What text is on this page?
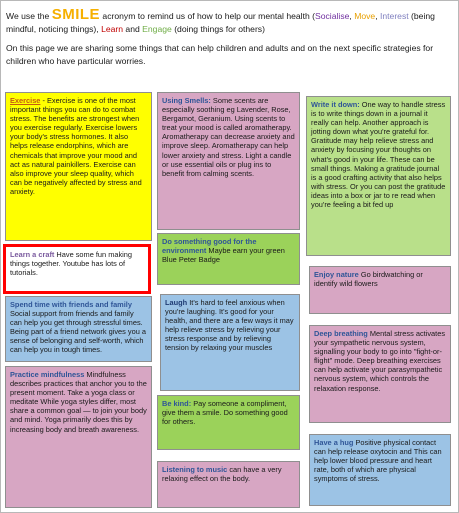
We use the SMILE acronym to remind us of how to help our mental health (Socialise, Move, Interest (being mindful, noticing things), Learn and Engage (doing things for others)

On this page we are sharing some things that can help children and adults and on the next specific strategies for children who have particular worries.

Exercise - Exercise is one of the most important things you can do to combat stress. The benefits are strongest when you exercise regularly. Exercise lowers your body's stress hormones. It also helps release endorphins, which are chemicals that improve your mood and act as natural painkillers. Exercise can also improve your sleep quality, which can be negatively affected by stress and anxiety.
Learn a craft Have some fun making things together. Youtube has lots of tutorials.
Spend time with friends and family Social support from friends and family can help you get through stressful times. Being part of a friend network gives you a sense of belonging and self-worth, which can help you in tough times.
Practice mindfulness Mindfulness describes practices that anchor you to the present moment. Take a yoga class or meditate While yoga styles differ, most share a common goal — to join your body and mind. Yoga primarily does this by increasing body and breath awareness.
Using Smells: Some scents are especially soothing eg Lavender, Rose, Bergamot, Geranium. Using scents to treat your mood is called aromatherapy. Aromatherapy can decrease anxiety and improve sleep. Aromatherapy can help lower anxiety and stress. Light a candle or use essential oils or plug ins to benefit from calming scents.
Do something good for the environment Maybe earn your green Blue Peter Badge
Laugh It's hard to feel anxious when you're laughing. It's good for your health, and there are a few ways it may help relieve stress by relieving your stress response and by relieving tension by relaxing your muscles
Be kind: Pay someone a compliment, give them a smile. Do something good for others.
Listening to music can have a very relaxing effect on the body.
Write it down: One way to handle stress is to write things down in a journal it really can help. Another approach is jotting down what you're grateful for. Gratitude may help relieve stress and anxiety by focusing your thoughts on what's good in your life. These can be small things. Making a gratitude journal is a good crafting activity that also helps with stress. Or you can post the gratitude ideas into a box or jar to re read when you're feeling a bit fed up
Enjoy nature Go birdwatching or identify wild flowers
Deep breathing Mental stress activates your sympathetic nervous system, signalling your body to go into "fight-or-flight" mode. Deep breathing exercises can help activate your parasympathetic nervous system, which controls the relaxation response.
Have a hug Positive physical contact can help release oxytocin and This can help lower blood pressure and heart rate, both of which are physical symptoms of stress.
